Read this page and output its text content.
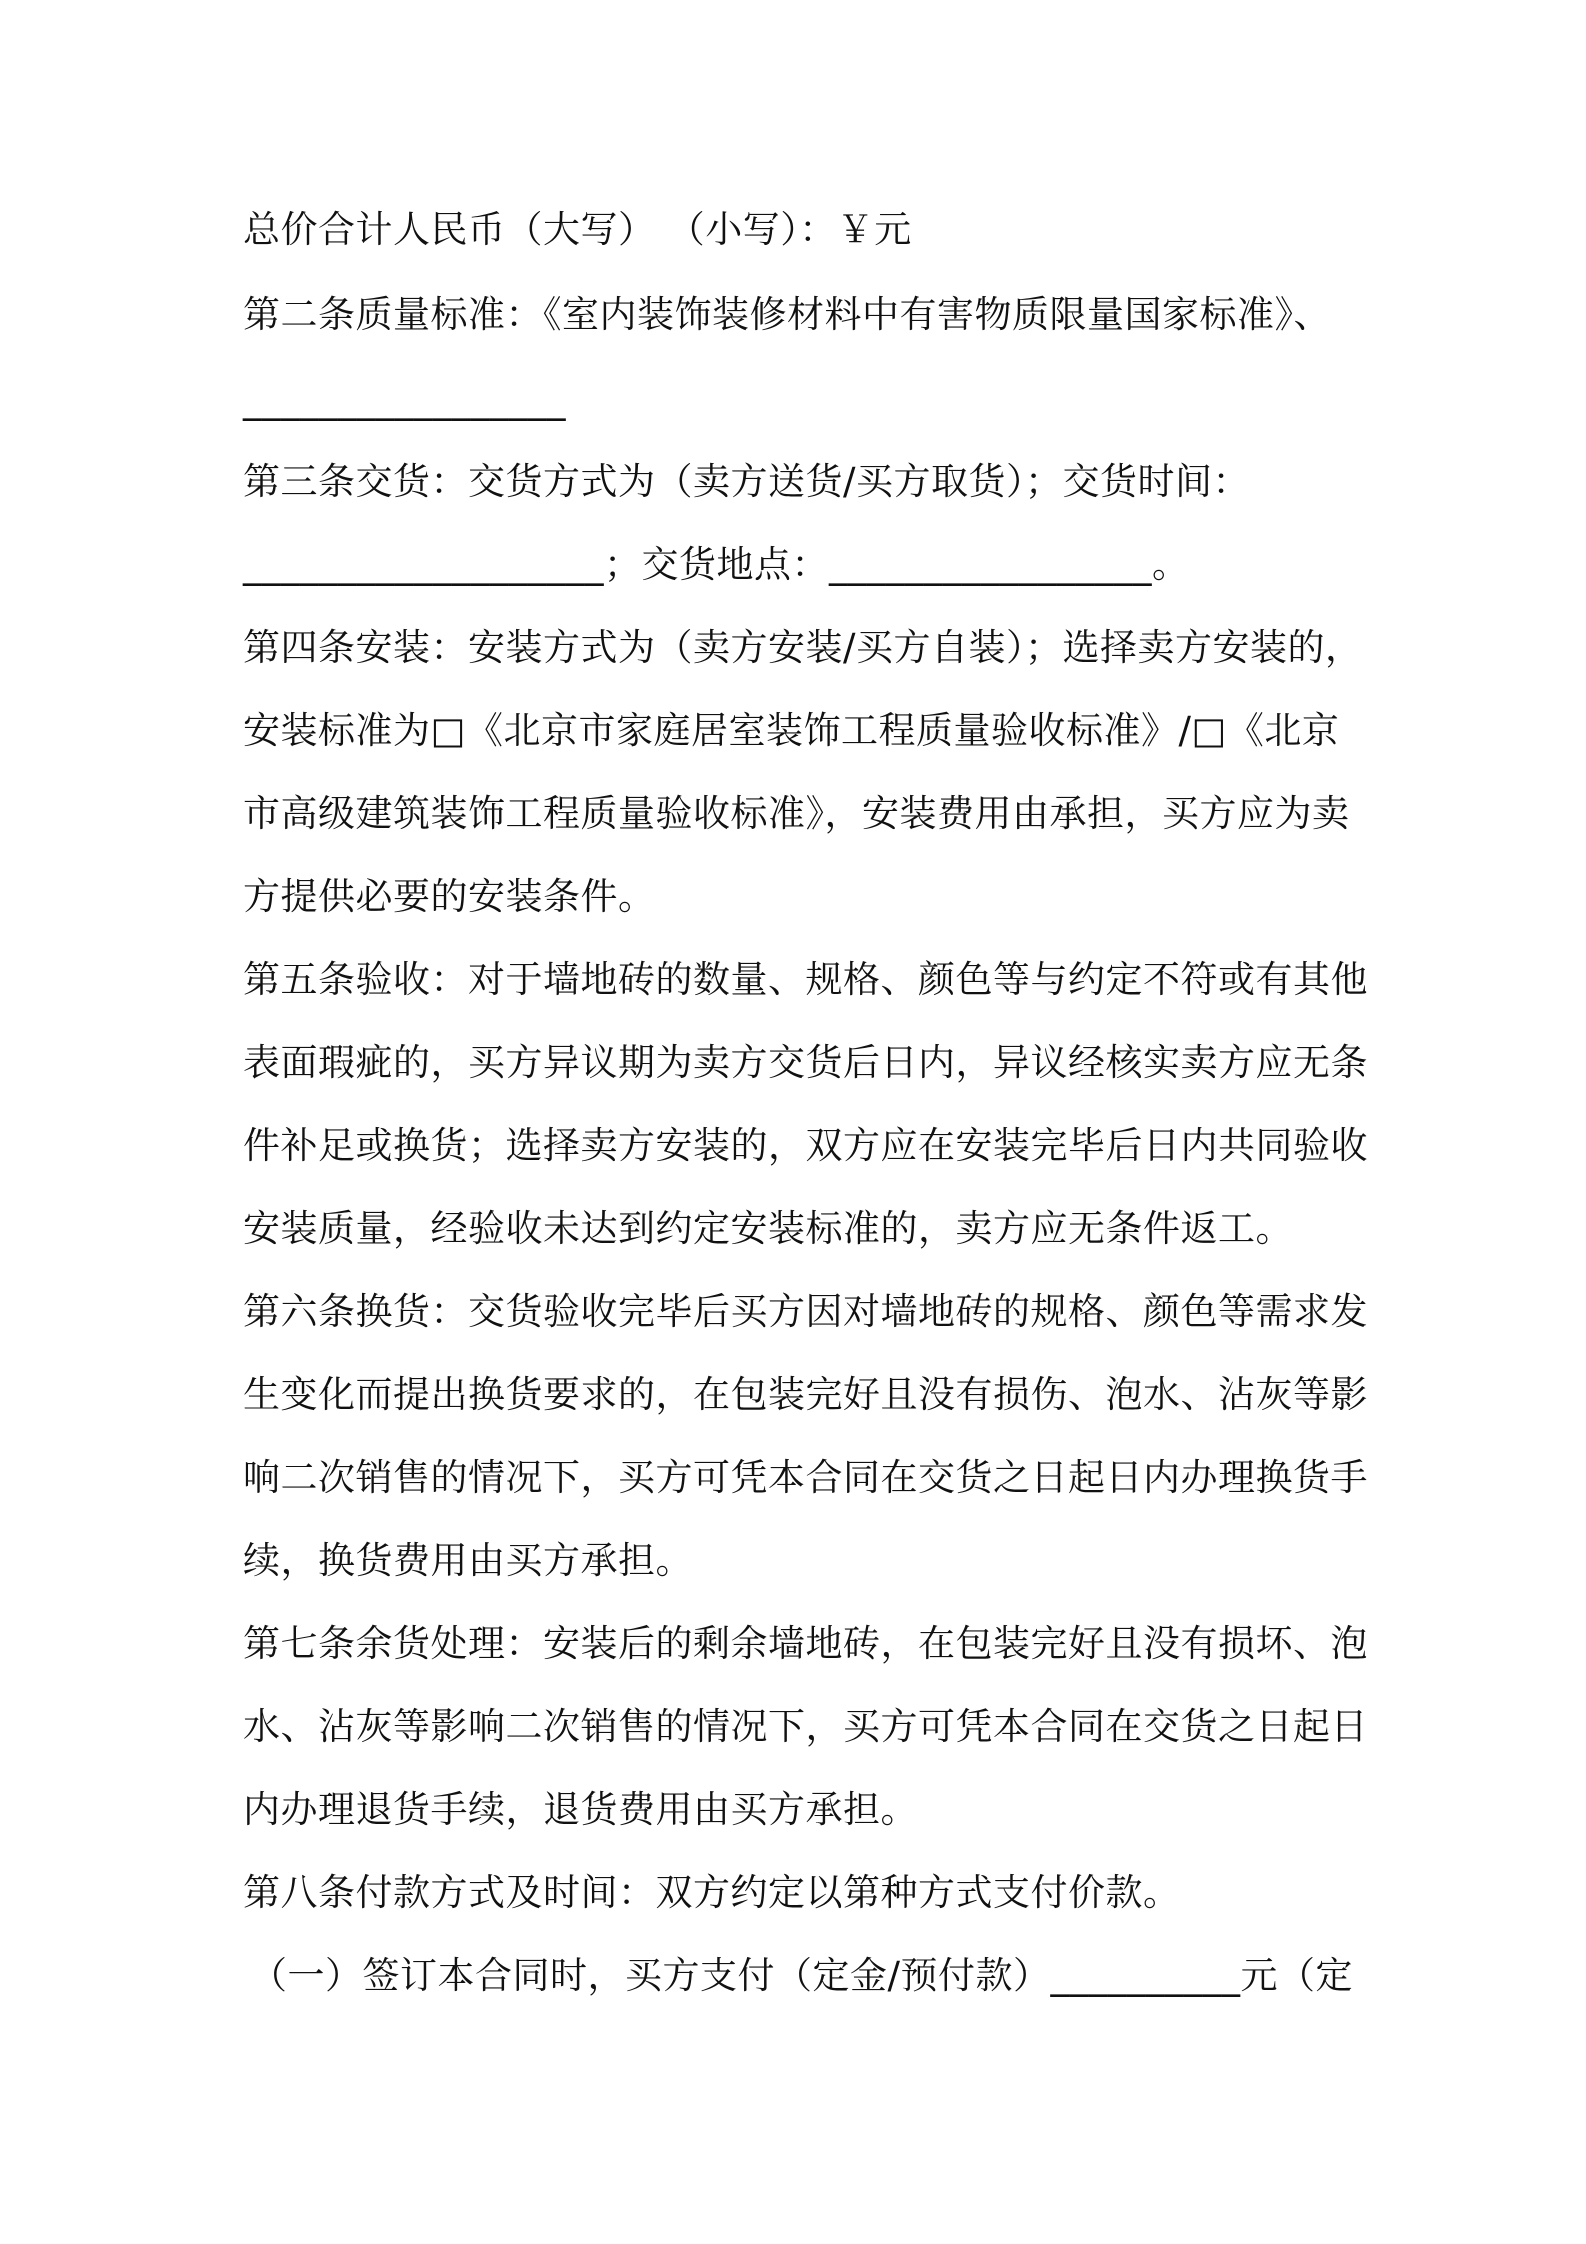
总价合计人民币（大写） （小写）：￥元
第二条质量标准：《室内装饰装修材料中有害物质限量国家标准》、
_________________
第三条交货：交货方式为（卖方送货/买方取货）；交货时间：
___________________；交货地点：_________________。
第四条安装：安装方式为（卖方安装/买方自装）；选择卖方安装的，
安装标准为□《北京市家庭居室装饰工程质量验收标准》/□《北京
市高级建筑装饰工程质量验收标准》，安装费用由承担，买方应为卖
方提供必要的安装条件。
第五条验收：对于墙地砖的数量、规格、颜色等与约定不符或有其他
表面瑕疵的，买方异议期为卖方交货后日内，异议经核实卖方应无条
件补足或换货；选择卖方安装的，双方应在安装完毕后日内共同验收
安装质量，经验收未达到约定安装标准的，卖方应无条件返工。
第六条换货：交货验收完毕后买方因对墙地砖的规格、颜色等需求发
生变化而提出换货要求的，在包装完好且没有损伤、泡水、沾灰等影
响二次销售的情况下，买方可凭本合同在交货之日起日内办理换货手
续，换货费用由买方承担。
第七条余货处理：安装后的剩余墙地砖，在包装完好且没有损坏、泡
水、沾灰等影响二次销售的情况下，买方可凭本合同在交货之日起日
内办理退货手续，退货费用由买方承担。
第八条付款方式及时间：双方约定以第种方式支付价款。
（一）签订本合同时，买方支付（定金/预付款）__________元（定
